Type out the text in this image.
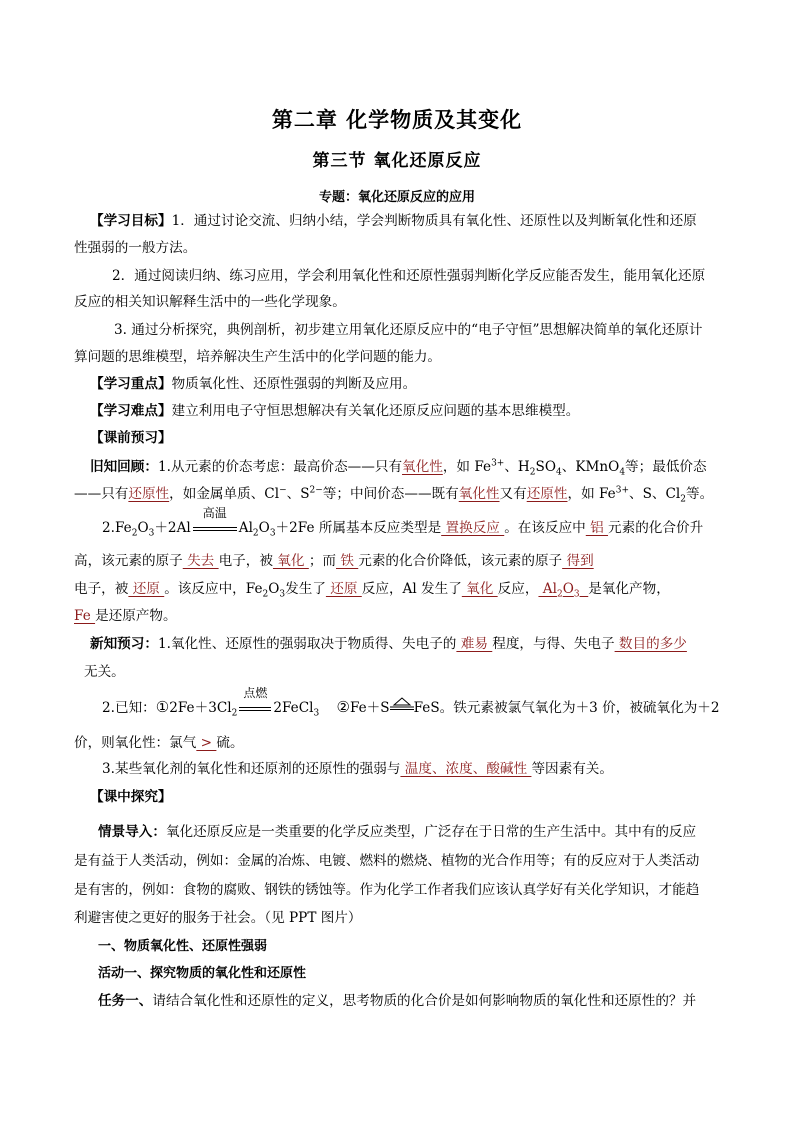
第二章 化学物质及其变化
第三节 氧化还原反应
专题：氧化还原反应的应用
【学习目标】1．通过讨论交流、归纳小结，学会判断物质具有氧化性、还原性以及判断氧化性和还原
性强弱的一般方法。
2．通过阅读归纳、练习应用，学会利用氧化性和还原性强弱判断化学反应能否发生，能用氧化还原
反应的相关知识解释生活中的一些化学现象。
3. 通过分析探究，典例剖析，初步建立用氧化还原反应中的“电子守恒”思想解决简单的氧化还原计
算问题的思维模型，培养解决生产生活中的化学问题的能力。
【学习重点】物质氧化性、还原性强弱的判断及应用。
【学习难点】建立利用电子守恒思想解决有关氧化还原反应问题的基本思维模型。
【课前预习】
旧知回顾：1.从元素的价态考虑：最高价态——只有氧化性，如 $Fe^{3+}$、$H_2SO_4$、KMnO$_4$等；最低价态
——只有还原性，如金属单质、Cl−、$S^{2-}$等；中间价态——既有氧化性又有还原性，如 $Fe^{3+}$、S、$Cl_2$等。
$2.Fe_2O_3+2Al$
高温
$Al_2O_3+2Fe$ 所属基本反应类型是 置换反应 。在该反应中 铝 元素的化合价升
高，该元素的原子 失去 电子，被 氧化 ；而 铁 元素的化合价降低，该元素的原子 得到
电子，被 还原 。该反应中，$Fe_2O_3$发生了 还原 反应，Al 发生了 氧化 反应， $Al_2O_3$ 是氧化产物，
Fe 是还原产物。
新知预习：1.氧化性、还原性的强弱取决于物质得、失电子的 难易 程度，与得、失电子 数目的多少
无关。
2.已知：$①2Fe+3Cl_2$
点燃
2FeCl$_3$ ②Fe＋S FeS。铁元素被氯气氧化为＋3 价，被硫氧化为＋2
价，则氧化性：氯气 > 硫。
3.某些氧化剂的氧化性和还原剂的还原性的强弱与 温度、浓度、酸碱性 等因素有关。
【课中探究】
情景导入：氧化还原反应是一类重要的化学反应类型，广泛存在于日常的生产生活中。其中有的反应
是有益于人类活动，例如：金属的冶炼、电镀、燃料的燃烧、植物的光合作用等；有的反应对于人类活动
是有害的，例如：食物的腐败、钢铁的锈蚀等。作为化学工作者我们应该认真学好有关化学知识，才能趋
利避害使之更好的服务于社会。（见 PPT 图片）
一、物质氧化性、还原性强弱
活动一、探究物质的氧化性和还原性
任务一、请结合氧化性和还原性的定义，思考物质的化合价是如何影响物质的氧化性和还原性的？并
